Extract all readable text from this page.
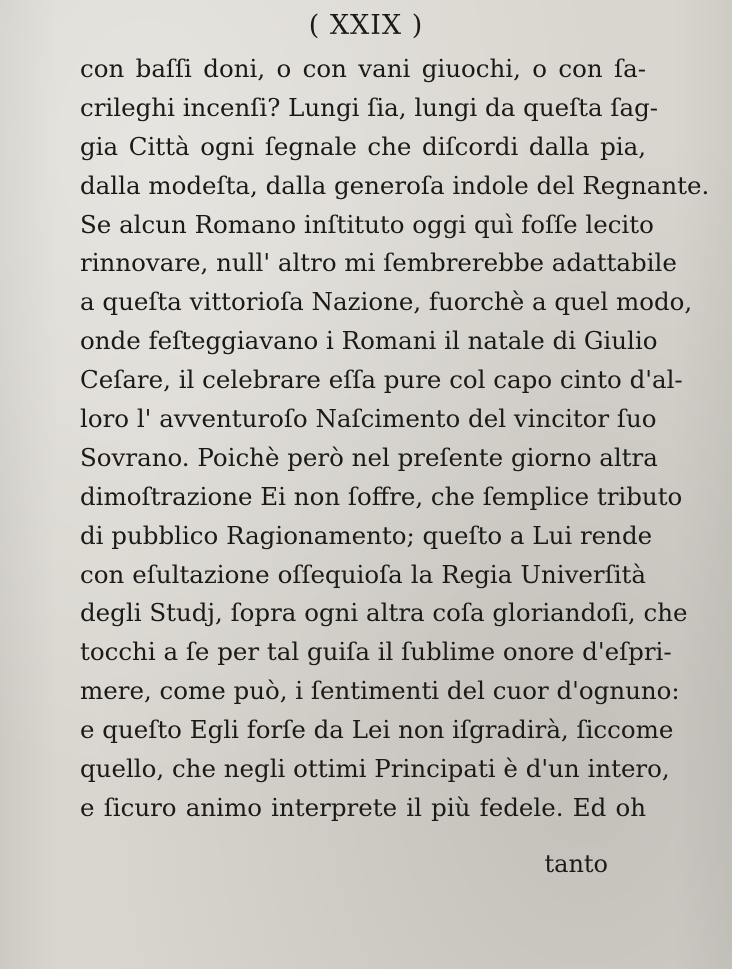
( XXIX )
con baſſi doni, o con vani giuochi, o con ſa-
crileghi incenſi? Lungi ſia, lungi da queſta ſag-
gia Città ogni ſegnale che diſcordi dalla pia,
dalla modeſta, dalla generoſa indole del Regnante.
Se alcun Romano inſtituto oggi quì foſſe lecito
rinnovare, null' altro mi ſembrerebbe adattabile
a queſta vittorioſa Nazione, fuorchè a quel modo,
onde feſteggiavano i Romani il natale di Giulio
Ceſare, il celebrare eſſa pure col capo cinto d'al-
loro l' avventuroſo Naſcimento del vincitor ſuo
Sovrano. Poichè però nel preſente giorno altra
dimoſtrazione Ei non ſoffre, che ſemplice tributo
di pubblico Ragionamento; queſto a Lui rende
con eſultazione oſſequioſa la Regia Univerſità
degli Studj, ſopra ogni altra coſa gloriandoſi, che
tocchi a ſe per tal guiſa il ſublime onore d'eſpri-
mere, come può, i ſentimenti del cuor d'ognuno:
e queſto Egli forſe da Lei non iſgradirà, ſiccome
quello, che negli ottimi Principati è d'un intero,
e ſicuro animo interprete il più fedele. Ed oh
tanto
